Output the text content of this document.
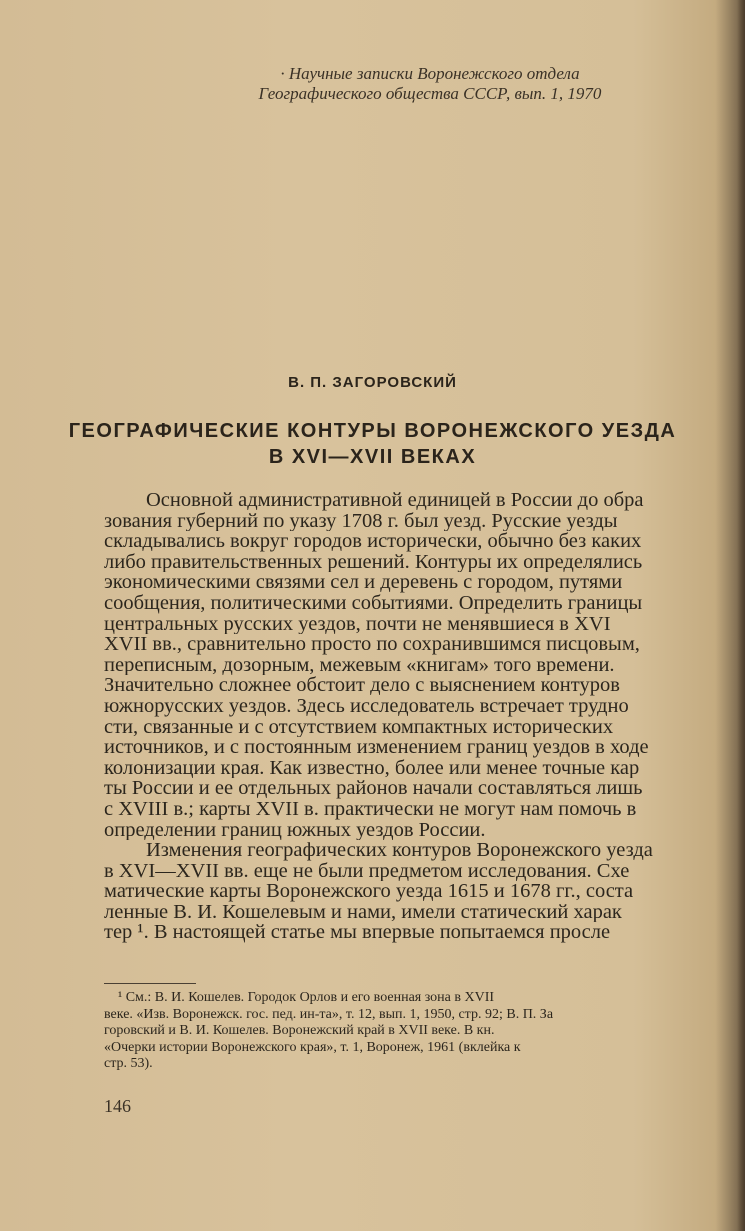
· Научные записки Воронежского отдела
Географического общества СССР, вып. 1, 1970
В. П. ЗАГОРОВСКИЙ
ГЕОГРАФИЧЕСКИЕ КОНТУРЫ ВОРОНЕЖСКОГО УЕЗДА
В XVI—XVII ВЕКАХ
Основной административной единицей в России до обра
зования губерний по указу 1708 г. был уезд. Русские уезды
складывались вокруг городов исторически, обычно без каких
либо правительственных решений. Контуры их определялись
экономическими связями сел и деревень с городом, путями
сообщения, политическими событиями. Определить границы
центральных русских уездов, почти не менявшиеся в XVI
XVII вв., сравнительно просто по сохранившимся писцовым,
переписным, дозорным, межевым «книгам» того времени.
Значительно сложнее обстоит дело с выяснением контуров
южнорусских уездов. Здесь исследователь встречает трудно
сти, связанные и с отсутствием компактных исторических
источников, и с постоянным изменением границ уездов в ходе
колонизации края. Как известно, более или менее точные кар
ты России и ее отдельных районов начали составляться лишь
с XVIII в.; карты XVII в. практически не могут нам помочь в
определении границ южных уездов России.
Изменения географических контуров Воронежского уезда
в XVI—XVII вв. еще не были предметом исследования. Схе
матические карты Воронежского уезда 1615 и 1678 гг., соста
ленные В. И. Кошелевым и нами, имели статический харак
тер ¹. В настоящей статье мы впервые попытаемся просле
¹ См.: В. И. Кошелев. Городок Орлов и его военная зона в XVII
веке. «Изв. Воронежск. гос. пед. ин-та», т. 12, вып. 1, 1950, стр. 92; В. П. За
горовский и В. И. Кошелев. Воронежский край в XVII веке. В кн.
«Очерки истории Воронежского края», т. 1, Воронеж, 1961 (вклейка к
стр. 53).
146
